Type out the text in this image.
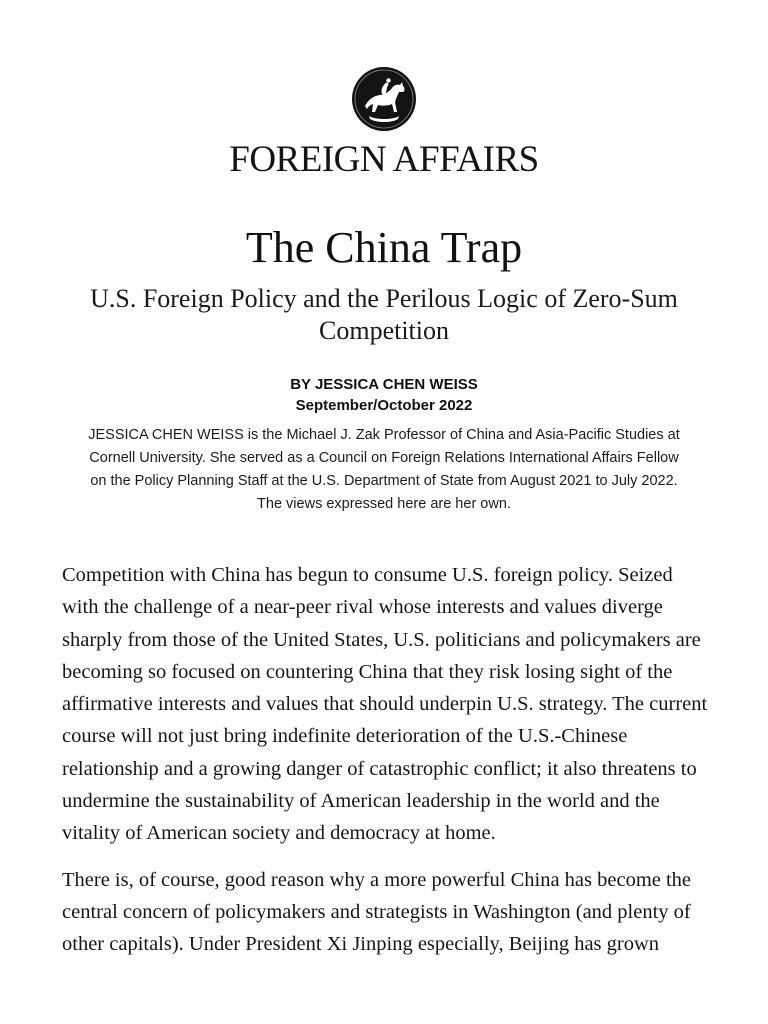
FOREIGN AFFAIRS
The China Trap
U.S. Foreign Policy and the Perilous Logic of Zero-Sum Competition
BY JESSICA CHEN WEISS
September/October 2022
JESSICA CHEN WEISS is the Michael J. Zak Professor of China and Asia-Pacific Studies at Cornell University. She served as a Council on Foreign Relations International Affairs Fellow on the Policy Planning Staff at the U.S. Department of State from August 2021 to July 2022. The views expressed here are her own.

Competition with China has begun to consume U.S. foreign policy. Seized with the challenge of a near-peer rival whose interests and values diverge sharply from those of the United States, U.S. politicians and policymakers are becoming so focused on countering China that they risk losing sight of the affirmative interests and values that should underpin U.S. strategy. The current course will not just bring indefinite deterioration of the U.S.-Chinese relationship and a growing danger of catastrophic conflict; it also threatens to undermine the sustainability of American leadership in the world and the vitality of American society and democracy at home.

There is, of course, good reason why a more powerful China has become the central concern of policymakers and strategists in Washington (and plenty of other capitals). Under President Xi Jinping especially, Beijing has grown
